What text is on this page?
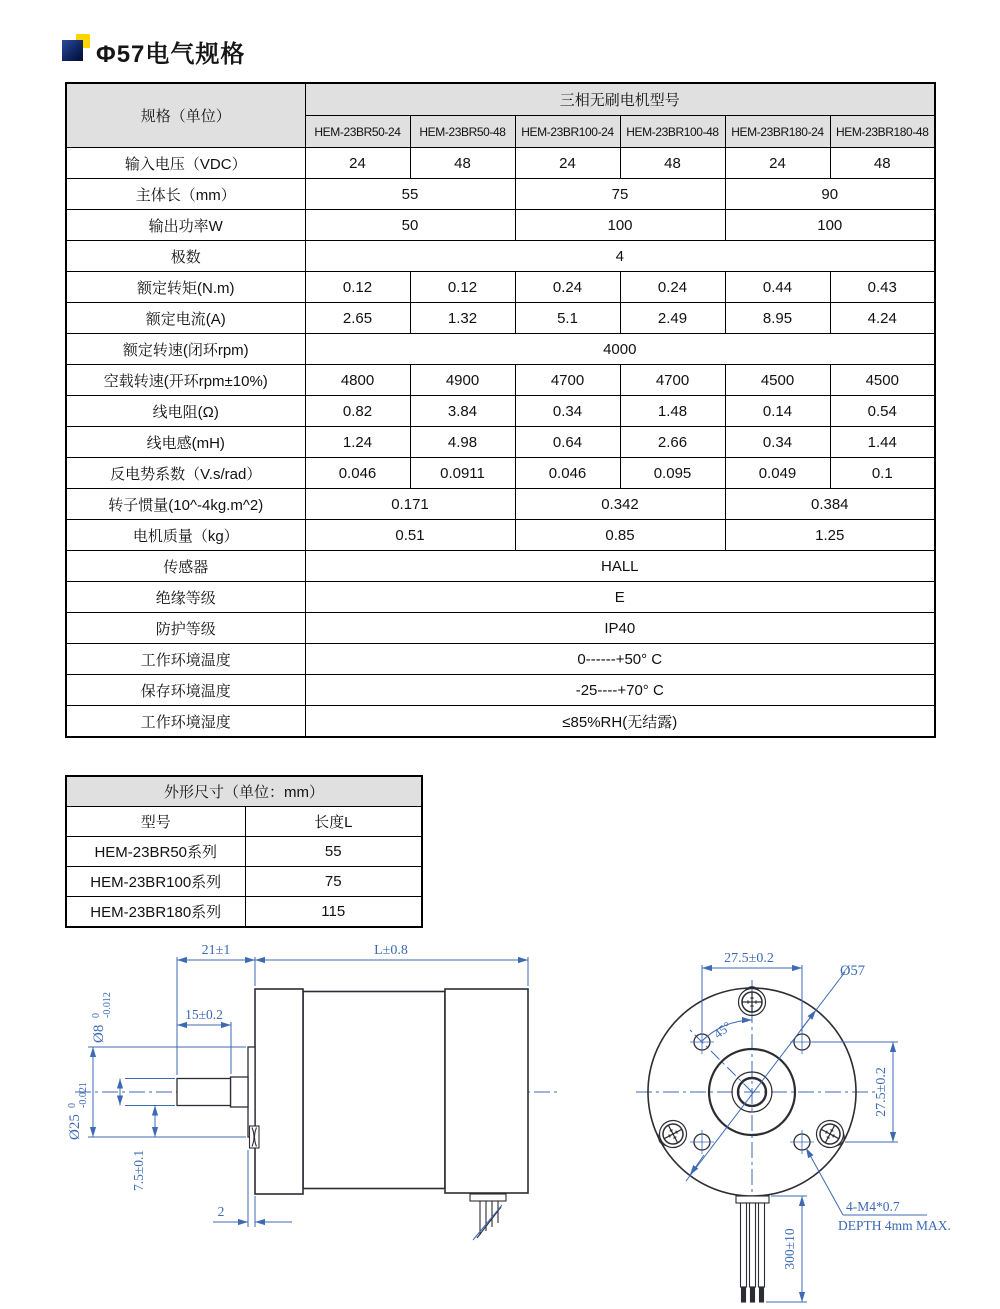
Φ57电气规格
规格（单位）	三相无刷电机型号					
	HEM-23BR50-24	HEM-23BR50-48	HEM-23BR100-24	HEM-23BR100-48	HEM-23BR180-24	HEM-23BR180-48
输入电压（VDC）	24	48	24	48	24	48
主体长（mm）	55		75		90	
输出功率W	50		100		100	
极数	4					
额定转矩(N.m)	0.12	0.12	0.24	0.24	0.44	0.43
额定电流(A)	2.65	1.32	5.1	2.49	8.95	4.24
额定转速(闭环rpm)	4000					
空载转速(开环rpm±10%)	4800	4900	4700	4700	4500	4500
线电阻(Ω)	0.82	3.84	0.34	1.48	0.14	0.54
线电感(mH)	1.24	4.98	0.64	2.66	0.34	1.44
反电势系数（V.s/rad）	0.046	0.0911	0.046	0.095	0.049	0.1
转子惯量(10^-4kg.m^2)	0.171		0.342		0.384	
电机质量（kg）	0.51		0.85		1.25	
传感器	HALL					
绝缘等级	E					
防护等级	IP40					
工作环境温度	0------+50° C					
保存环境温度	-25----+70° C					
工作环境湿度	≤85%RH(无结露)					
外形尺寸（单位：mm）	
型号	长度L
HEM-23BR50系列	55
HEM-23BR100系列	75
HEM-23BR180系列	115
21±1	L±0.8
15±0.2
Ø80-0.012
Ø250-0.021
7.5±0.1
2
27.5±0.2
Ø57
45°
27.5±0.2
4-M4*0.7
DEPTH 4mm MAX.
300±10
